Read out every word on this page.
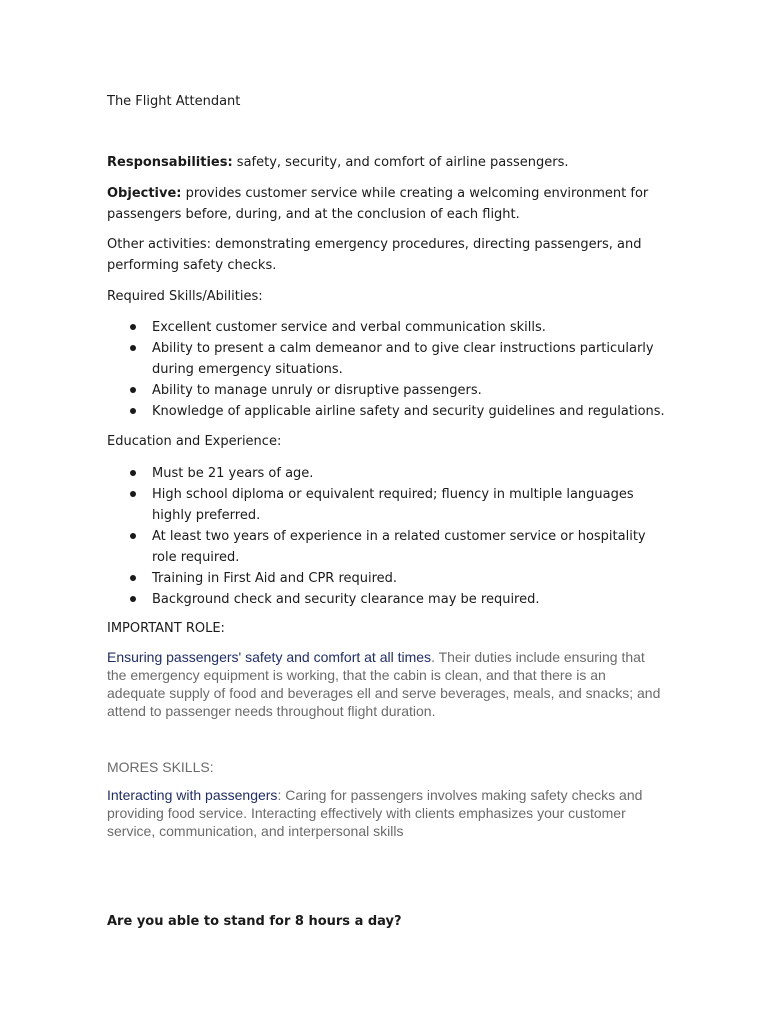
The Flight Attendant

Responsabilities: safety, security, and comfort of airline passengers.

Objective: provides customer service while creating a welcoming environment for passengers before, during, and at the conclusion of each flight.

Other activities: demonstrating emergency procedures, directing passengers, and performing safety checks.

Required Skills/Abilities:

Excellent customer service and verbal communication skills.
Ability to present a calm demeanor and to give clear instructions particularly during emergency situations.
Ability to manage unruly or disruptive passengers.
Knowledge of applicable airline safety and security guidelines and regulations.

Education and Experience:

Must be 21 years of age.
High school diploma or equivalent required; fluency in multiple languages highly preferred.
At least two years of experience in a related customer service or hospitality role required.
Training in First Aid and CPR required.
Background check and security clearance may be required.

IMPORTANT ROLE:

Ensuring passengers' safety and comfort at all times. Their duties include ensuring that the emergency equipment is working, that the cabin is clean, and that there is an adequate supply of food and beverages ell and serve beverages, meals, and snacks; and attend to passenger needs throughout flight duration.

MORES SKILLS:

Interacting with passengers: Caring for passengers involves making safety checks and providing food service. Interacting effectively with clients emphasizes your customer service, communication, and interpersonal skills

Are you able to stand for 8 hours a day?
